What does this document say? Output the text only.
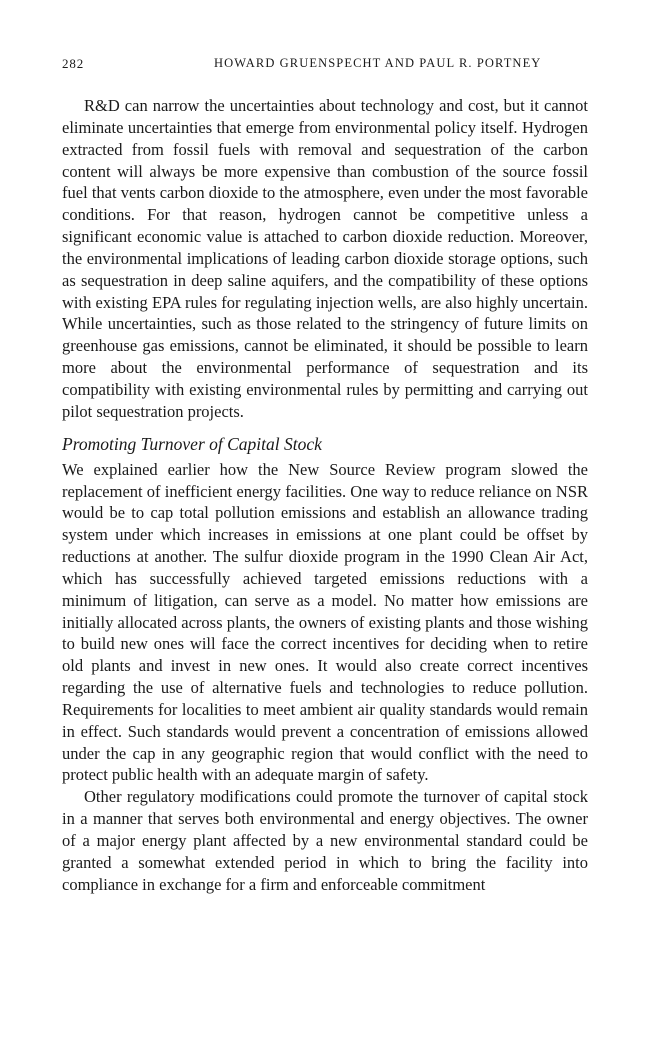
282	HOWARD GRUENSPECHT AND PAUL R. PORTNEY

R&D can narrow the uncertainties about technology and cost, but it cannot eliminate uncertainties that emerge from environmental policy itself. Hydrogen extracted from fossil fuels with removal and sequestration of the carbon content will always be more expensive than combustion of the source fossil fuel that vents carbon dioxide to the atmosphere, even under the most favorable conditions. For that reason, hydrogen cannot be competitive unless a significant economic value is attached to carbon dioxide reduction. Moreover, the environmental implications of leading carbon dioxide storage options, such as sequestration in deep saline aquifers, and the compatibility of these options with existing EPA rules for regulating injection wells, are also highly uncertain. While uncertainties, such as those related to the stringency of future limits on greenhouse gas emissions, cannot be eliminated, it should be possible to learn more about the environmental performance of sequestration and its compatibility with existing environmental rules by permitting and carrying out pilot sequestration projects.

Promoting Turnover of Capital Stock

We explained earlier how the New Source Review program slowed the replacement of inefficient energy facilities. One way to reduce reliance on NSR would be to cap total pollution emissions and establish an allowance trading system under which increases in emissions at one plant could be offset by reductions at another. The sulfur dioxide program in the 1990 Clean Air Act, which has successfully achieved targeted emissions reductions with a minimum of litigation, can serve as a model. No matter how emissions are initially allocated across plants, the owners of existing plants and those wishing to build new ones will face the correct incentives for deciding when to retire old plants and invest in new ones. It would also create correct incentives regarding the use of alternative fuels and technologies to reduce pollution. Requirements for localities to meet ambient air quality standards would remain in effect. Such standards would prevent a concentration of emissions allowed under the cap in any geographic region that would conflict with the need to protect public health with an adequate margin of safety.

Other regulatory modifications could promote the turnover of capital stock in a manner that serves both environmental and energy objectives. The owner of a major energy plant affected by a new environmental standard could be granted a somewhat extended period in which to bring the facility into compliance in exchange for a firm and enforceable commitment
